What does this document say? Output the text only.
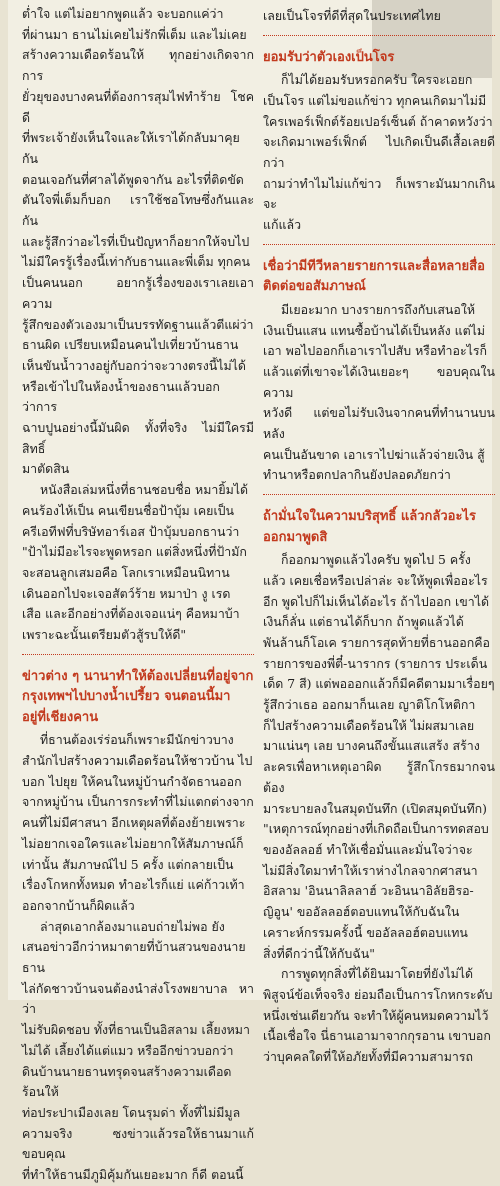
ต่ำใจ แต่ไม่อยากพูดแล้ว จะบอกแค่ว่า
ที่ผ่านมา ธานไม่เคยไม่รักพี่เต็ม และไม่เคย
สร้างความเดือดร้อนให้ ทุกอย่างเกิดจากการ
ยั่วยุของบางคนที่ต้องการสุมไฟทำร้าย โชคดี
ที่พระเจ้ายังเห็นใจและให้เราได้กลับมาคุยกัน
ตอนเจอกันที่ศาลได้พูดจากัน อะไรที่ติดขัด
ตันใจพี่เต็มก็บอก เราใช้ชอโทษซึ่งกันและกัน
และรู้สึกว่าอะไรที่เป็นปัญหาก็อยากให้จบไป
ไม่มีใครรู้เรื่องนี้เท่ากับธานและพี่เต็ม ทุกคน
เป็นคนนอก อยากรู้เรื่องของเราเลยเอาความ
รู้สึกของตัวเองมาเป็นบรรทัดฐานแล้วตีแผ่ว่า
ธานผิด เปรียบเหมือนคนไปเที่ยวบ้านธาน
เห็นขันน้ำวางอยู่กับอกว่าจะวางตรงนี้ไม่ได้
หรือเข้าไปในห้องน้ำของธานแล้วบอกว่าการ
ฉาบปูนอย่างนี้มันผิด ทั้งที่จริง ไม่มีใครมีสิทธิ์
มาตัดสิน

หนังสือเล่มหนึ่งที่ธานชอบชื่อ หมายิ้มได้
คนร้องไห้เป็น คนเขียนชื่อป้าบุ้ม เคยเป็น
ครีเอทีฟที่บริษัทอาร์เอส ป้าบุ้มบอกธานว่า
"ป้าไม่มีอะไรจะพูดหรอก แต่สิ่งหนึ่งที่ป้ามัก
จะสอนลูกเสมอคือ โลกเราเหมือนนิทาน
เดินออกไปจะเจอสัตว์ร้าย หมาป่า งู เรด
เสือ และอีกอย่างที่ต้องเจอแน่ๆ คือหมาบ้า
เพราะฉะนั้นเตรียมตัวสู้รบให้ดี"

ข่าวต่าง ๆ นานาทำให้ต้องเปลี่ยนที่อยู่จาก
กรุงเทพฯไปบางน้ำเปรี้ยว จนตอนนี้มา
อยู่ที่เชียงคาน

ที่ธานต้องเร่ร่อนก็เพราะมีนักข่าวบาง
สำนักไปสร้างความเดือดร้อนให้ชาวบ้าน ไป
บอก ไปยุย ให้คนในหมู่บ้านกำจัดธานออก
จากหมู่บ้าน เป็นการกระทำที่ไม่แตกต่างจาก
คนที่ไม่มีศาสนา อีกเหตุผลที่ต้องย้ายเพราะ
ไม่อยากเจอใครและไม่อยากให้สัมภาษณ์ก็
เท่านั้น สัมภาษณ์ไป 5 ครั้ง แต่กลายเป็น
เรื่องโกหกทั้งหมด ทำอะไรก็แย่ แค่ก้าวเท้า
ออกจากบ้านก็ผิดแล้ว

ล่าสุดเอากล้องมาแอบถ่ายไม่พอ ยัง
เสนอข่าวอีกว่าหมาตายที่บ้านสวนของนายธาน
ไล่กัดชาวบ้านจนต้องนำส่งโรงพยาบาล หาว่า
ไม่รับผิดชอบ ทั้งที่ธานเป็นอิสลาม เลี้ยงหมา
ไม่ได้ เลี้ยงได้แต่แมว หรืออีกข่าวบอกว่า
ดินบ้านนายธานทรุดจนสร้างความเดือดร้อนให้
ท่อประปาเมืองเลย โดนรุมด่า ทั้งที่ไม่มีมูล
ความจริง ซงข่าวแล้วรอให้ธานมาแก้ ขอบคุณ
ที่ทำให้ธานมีภูมิคุ้มกันเยอะมาก ก็ดี ตอนนี้

เลยเป็นโจรที่ดีที่สุดในประเทศไทย

ยอมรับว่าตัวเองเป็นโจร

ก็ไม่ได้ยอมรับหรอกครับ ใครจะเอยก
เป็นโจร แต่ไม่ขอแก้ข่าว ทุกคนเกิดมาไม่มี
ใครเพอร์เฟ็กต์ร้อยเปอร์เซ็นต์ ถ้าคาดหวังว่า
จะเกิดมาเพอร์เฟ็กต์ ไปเกิดเป็นดีเสื้อเลยดีกว่า
ถามว่าทำไมไม่แก้ข่าว ก็เพราะมันมากเกินจะ
แก้แล้ว

เชื่อว่ามีทีวีหลายรายการและสื่อหลายสื่อ
ติดต่อขอสัมภาษณ์

มีเยอะมาก บางรายการถึงกับเสนอให้
เงินเป็นแสน แทนซื้อบ้านได้เป็นหลัง แต่ไม่
เอา พอไปออกก็เอาเราไปสับ หรือทำอะไรก็
แล้วแต่ที่เขาจะได้เงินเยอะๆ ขอบคุณในความ
หวังดี แต่ขอไม่รับเงินจากคนที่ทำนานบนหลัง
คนเป็นอันขาด เอาเราไปฆ่าแล้วจ่ายเงิน สู้
ทำนาหรือตกปลากินยังปลอดภัยกว่า

ถ้ามั่นใจในความบริสุทธิ์ แล้วกลัวอะไร
ออกมาพูดสิ

ก็ออกมาพูดแล้วไงครับ พูดไป 5 ครั้ง
แล้ว เคยเชื่อหรือเปล่าล่ะ จะให้พูดเพื่ออะไร
อีก พูดไปก็ไม่เห็นได้อะไร ถ้าไปออก เขาได้
เงินก็ลั่น แต่ธานได้ก็บาก ถ้าพูดแล้วได้
พันล้านก็โอเค รายการสุดท้ายที่ธานออกคือ
รายการของพี่ตี๋-นารากร (รายการ ประเด็น
เด็ด 7 สี) แต่พอออกแล้วก็มีคดีตามมาเรื่อยๆ
รู้สึกว่าเธอ ออกมาก็นเลย ญาติโกโหติกา
ก็ไปสร้างความเดือดร้อนให้ ไม่ผสมาเลย
มาแน่นๆ เลย บางคนถึงขั้นแสแสร้ง สร้าง
ละครเพื่อหาเหตุเอาผิด รู้สึกโกรธมากจนต้อง
มาระบายลงในสมุดบันทึก (เปิดสมุดบันทึก)
"เหตุการณ์ทุกอย่างที่เกิดถือเป็นการทดสอบ
ของอัลลอฮ์ ทำให้เชื่อมั่นและมั่นใจว่าจะ
ไม่มีสิ่งใดมาทำให้เราห่างไกลจากศาสนา
อิสลาม 'อินนาลิลลาฮ์ วะอินนาอิลัยฮิรอ-
ญิอูน' ขออัลลอฮ์ตอบแทนให้กับฉันใน
เคราะห์กรรมครั้งนี้ ขออัลลอฮ์ตอบแทน
สิ่งที่ดีกว่านี้ให้กับฉัน"

การพูดทุกสิ่งที่ได้ยินมาโดยที่ยังไม่ได้
พิสูจน์ข้อเท็จจริง ย่อมถือเป็นการโกหกระดับ
หนึ่งเช่นเดียวกัน จะทำให้ผู้คนหมดความไว้
เนื้อเชื่อใจ นี่ธานเอามาจากกุรอาน เขาบอก
ว่าบุคคลใดที่ให้อภัยทั้งที่มีความสามารถ
